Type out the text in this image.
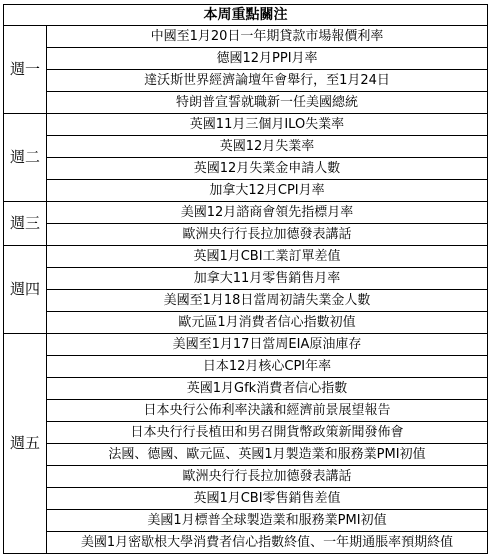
本周重點關注	
週一	中國至1月20日一年期貸款市場報價利率
	德國12月PPI月率
	達沃斯世界經濟論壇年會舉行，至1月24日
	特朗普宣誓就職新一任美國總統
週二	英國11月三個月ILO失業率
	英國12月失業率
	英國12月失業金申請人數
	加拿大12月CPI月率
週三	美國12月諮商會領先指標月率
	歐洲央行行長拉加德發表講話
週四	英國1月CBI工業訂單差值
	加拿大11月零售銷售月率
	美國至1月18日當周初請失業金人數
	歐元區1月消費者信心指數初值
週五	美國至1月17日當周EIA原油庫存
	日本12月核心CPI年率
	英國1月Gfk消費者信心指數
	日本央行公佈利率決議和經濟前景展望報告
	日本央行行長植田和男召開貨幣政策新聞發佈會
	法國、德國、歐元區、英國1月製造業和服務業PMI初值
	歐洲央行行長拉加德發表講話
	英國1月CBI零售銷售差值
	美國1月標普全球製造業和服務業PMI初值
	美國1月密歇根大學消費者信心指數終值、一年期通脹率預期終值
